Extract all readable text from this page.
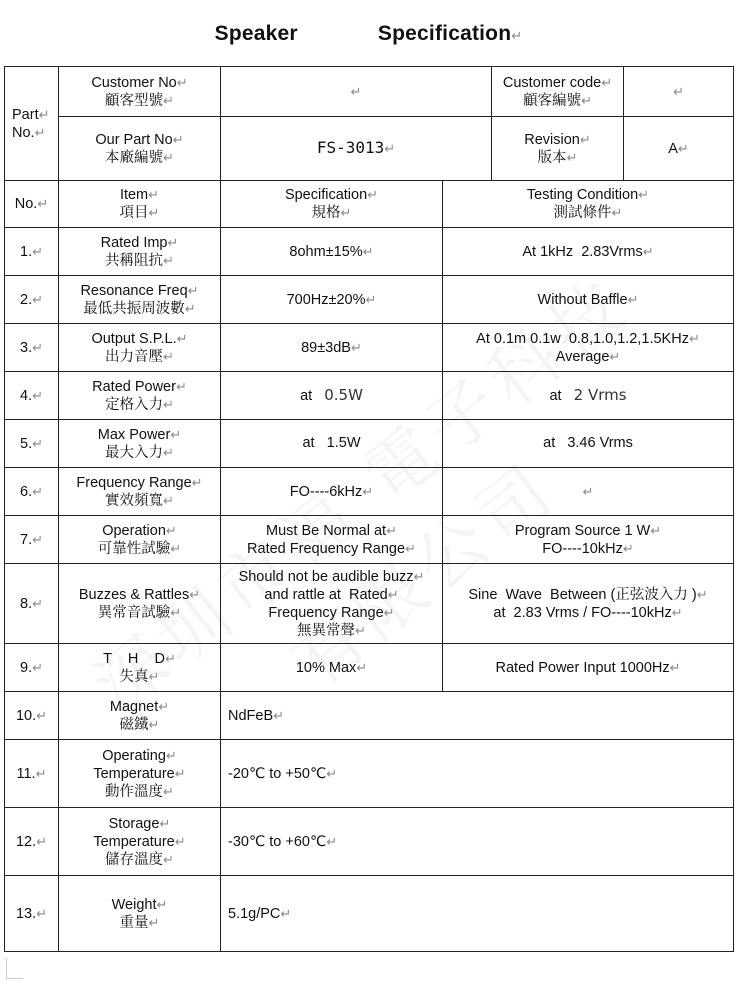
Speaker    Specification↵
Part↵
No.↵	Customer No↵
顧客型號↵	↵		Customer code↵
顧客編號↵	↵
	Our Part No↵
本廠編號↵	FS-3013↵		Revision↵
版本↵	A↵
No.↵	Item↵
項目↵	Specification↵
規格↵	Testing Condition↵
測試條件↵		
1.↵	Rated Imp↵
共稱阻抗↵	8ohm±15%↵	At 1kHz  2.83Vrms↵		
2.↵	Resonance Freq↵
最低共振周波數↵	700Hz±20%↵	Without Baffle↵		
3.↵	Output S.P.L.↵
出力音壓↵	89±3dB↵	At 0.1m 0.1w  0.8,1.0,1.2,1.5KHz↵
Average↵		
4.↵	Rated Power↵
定格入力↵	at 0.5W	at 2 Vrms		
5.↵	Max Power↵
最大入力↵	at 1.5W	at 3.46 Vrms		
6.↵	Frequency Range↵
實效頻寬↵	FO----6kHz↵	↵		
7.↵	Operation↵
可靠性試驗↵	Must Be Normal at↵
Rated Frequency Range↵	Program Source 1 W↵
FO----10kHz↵		
8.↵	Buzzes & Rattles↵
異常音試驗↵	Should not be audible buzz↵
and rattle at  Rated↵
Frequency Range↵
無異常聲↵	Sine  Wave  Between (正弦波入力 )↵
at  2.83 Vrms / FO----10kHz↵		
9.↵	T    H    D↵
失真↵	10% Max↵	Rated Power Input 1000Hz↵		
10.↵	Magnet↵
磁鐵↵	NdFeB↵			
11.↵	Operating↵
Temperature↵
動作溫度↵	-20℃ to +50℃↵			
12.↵	Storage↵
Temperature↵
儲存溫度↵	-30℃ to +60℃↵			
13.↵	Weight↵
重量↵	5.1g/PC↵			
